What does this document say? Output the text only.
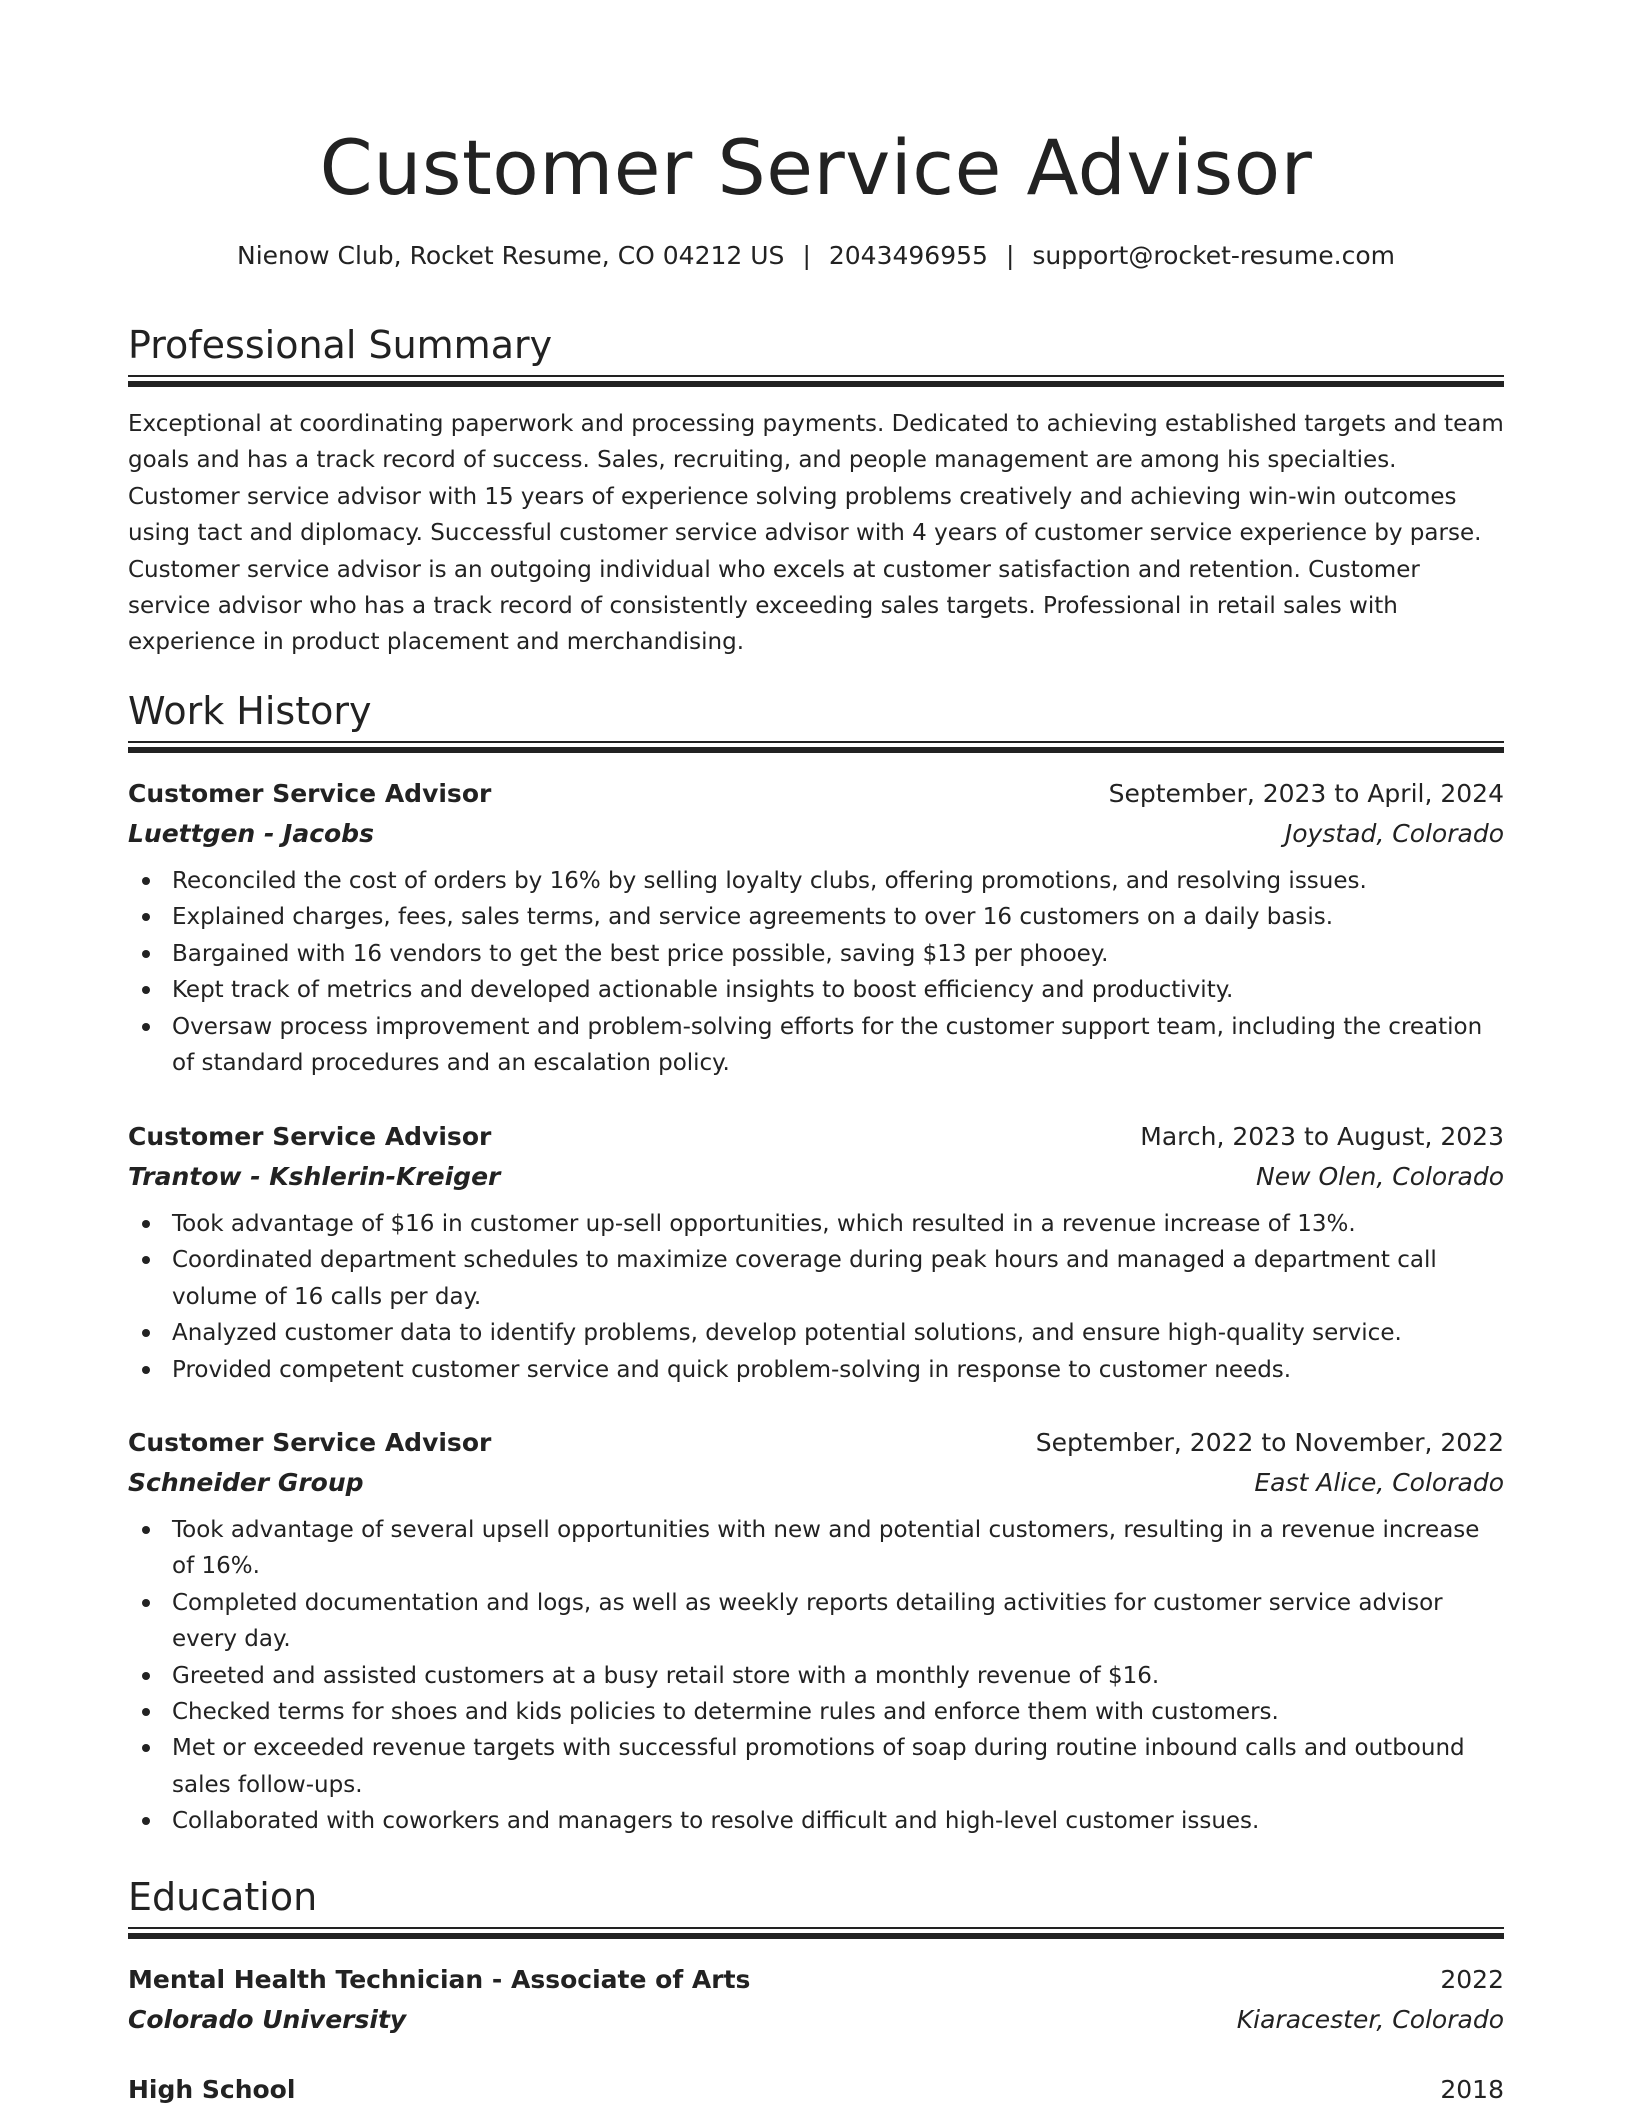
Customer Service Advisor
Nienow Club, Rocket Resume, CO 04212 US | 2043496955 | support@rocket-resume.com
Professional Summary

Exceptional at coordinating paperwork and processing payments. Dedicated to achieving established targets and team goals and has a track record of success. Sales, recruiting, and people management are among his specialties. Customer service advisor with 15 years of experience solving problems creatively and achieving win-win outcomes using tact and diplomacy. Successful customer service advisor with 4 years of customer service experience by parse. Customer service advisor is an outgoing individual who excels at customer satisfaction and retention. Customer service advisor who has a track record of consistently exceeding sales targets. Professional in retail sales with experience in product placement and merchandising.

Work History
Customer Service Advisor	September, 2023 to April, 2024
Luettgen - Jacobs	Joystad, Colorado
Reconciled the cost of orders by 16% by selling loyalty clubs, offering promotions, and resolving issues.
Explained charges, fees, sales terms, and service agreements to over 16 customers on a daily basis.
Bargained with 16 vendors to get the best price possible, saving $13 per phooey.
Kept track of metrics and developed actionable insights to boost efficiency and productivity.
Oversaw process improvement and problem-solving efforts for the customer support team, including the creation of standard procedures and an escalation policy.
Customer Service Advisor	March, 2023 to August, 2023
Trantow - Kshlerin-Kreiger	New Olen, Colorado
Took advantage of $16 in customer up-sell opportunities, which resulted in a revenue increase of 13%.
Coordinated department schedules to maximize coverage during peak hours and managed a department call volume of 16 calls per day.
Analyzed customer data to identify problems, develop potential solutions, and ensure high-quality service.
Provided competent customer service and quick problem-solving in response to customer needs.
Customer Service Advisor	September, 2022 to November, 2022
Schneider Group	East Alice, Colorado
Took advantage of several upsell opportunities with new and potential customers, resulting in a revenue increase of 16%.
Completed documentation and logs, as well as weekly reports detailing activities for customer service advisor every day.
Greeted and assisted customers at a busy retail store with a monthly revenue of $16.
Checked terms for shoes and kids policies to determine rules and enforce them with customers.
Met or exceeded revenue targets with successful promotions of soap during routine inbound calls and outbound sales follow-ups.
Collaborated with coworkers and managers to resolve difficult and high-level customer issues.
Education
Mental Health Technician - Associate of Arts	2022
Colorado University	Kiaracester, Colorado
High School	2018
